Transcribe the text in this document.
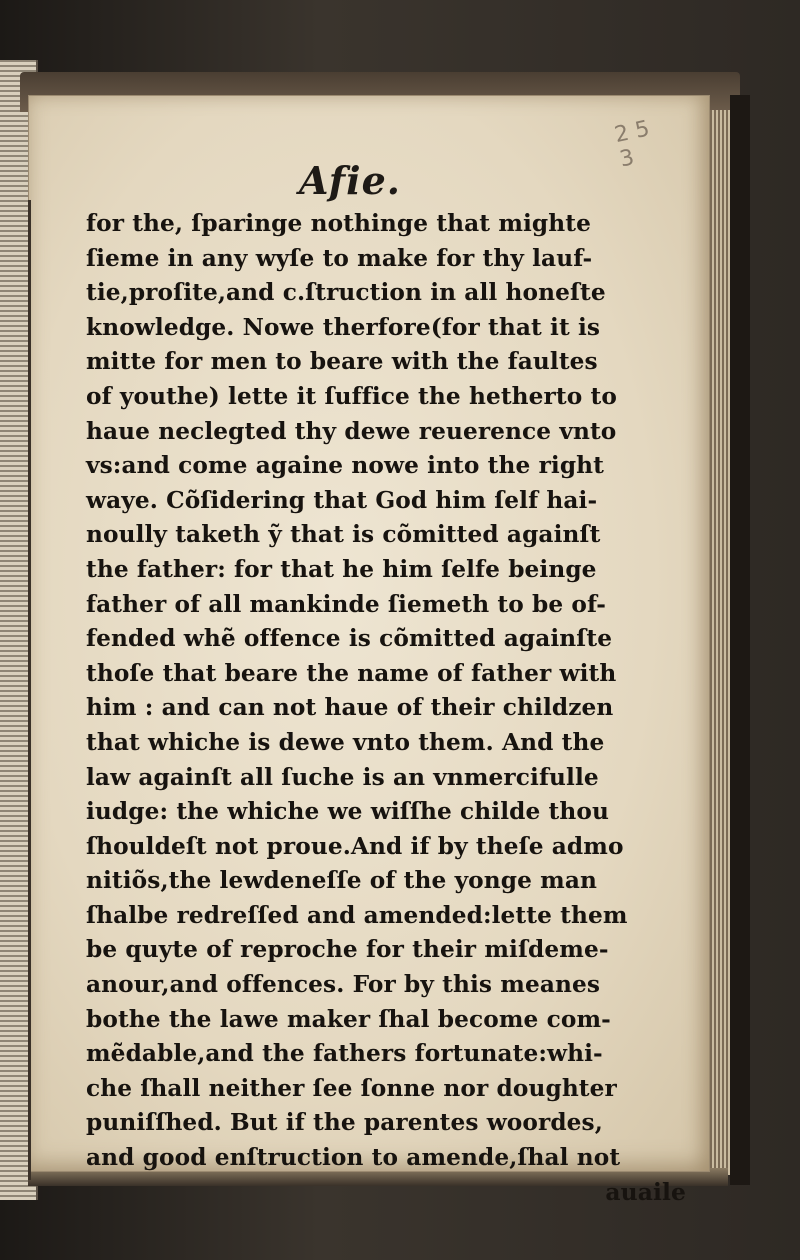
2 5 3
Afie.
for the, ſparinge nothinge that mighte
ſieme in any wyſe to make for thy lauf-
tie,proſite,and c.ſtruction in all honeſte
knowledge. Nowe therfore(for that it is
mitte for men to beare with the faultes
of youthe) lette it ſuffice the hetherto to
haue neclegted thy dewe reuerence vnto
vs:and come againe nowe into the right
waye. Cõſidering that God him ſelf hai-
noully taketh ỹ that is cõmitted againſt
the father: for that he him ſelfe beinge
father of all mankinde ſiemeth to be of-
fended whẽ offence is cõmitted againſte
thoſe that beare the name of father with
him : and can not haue of their childzen
that whiche is dewe vnto them. And the
law againſt all ſuche is an vnmercifulle
iudge: the whiche we wiſſhe childe thou
ſhouldeſt not proue.And if by theſe admo
nitiõs,the lewdeneſſe of the yonge man
ſhalbe redreſſed and amended:lette them
be quyte of reproche for their miſdeme-
anour,and offences. For by this meanes
bothe the lawe maker ſhal become com-
mẽdable,and the fathers fortunate:whi-
che ſhall neither ſee ſonne nor doughter
puniſſhed. But if the parentes woordes,
and good enſtruction to amende,ſhal not
auaile
